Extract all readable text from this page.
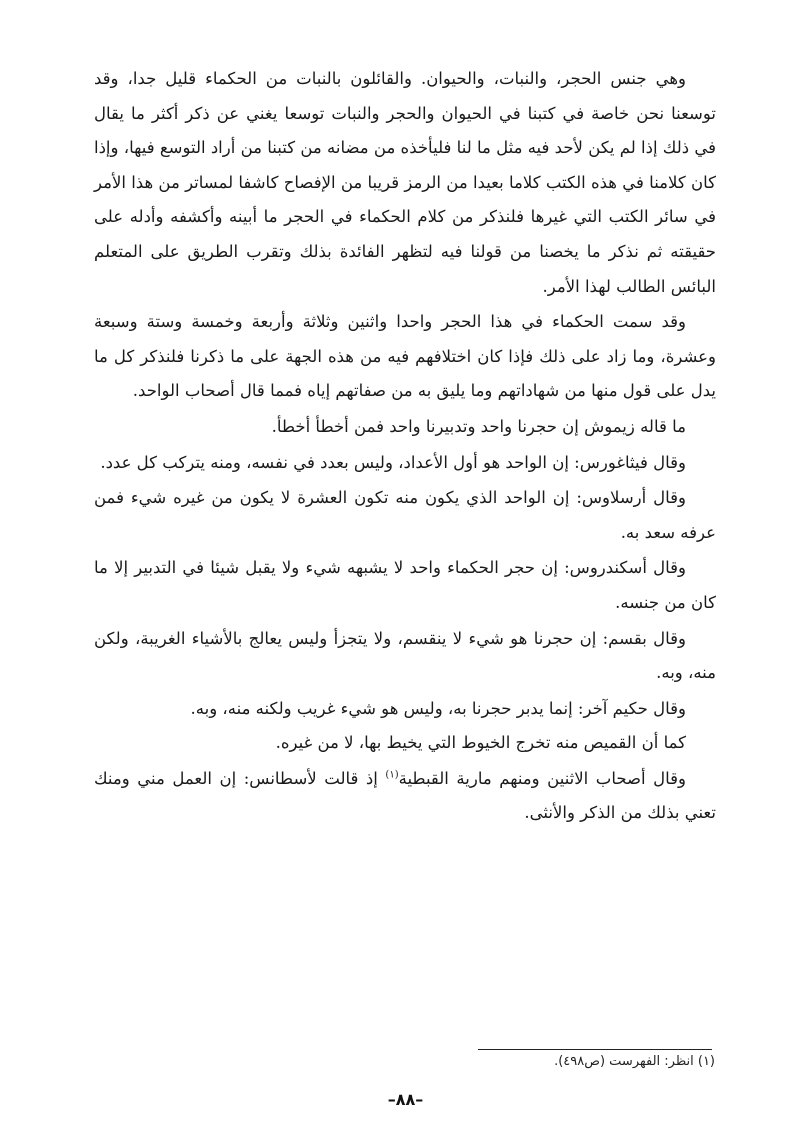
وهي جنس الحجر، والنبات، والحيوان. والقائلون بالنبات من الحكماء قليل جدا، وقد توسعنا نحن خاصة في كتبنا في الحيوان والحجر والنبات توسعا يغني عن ذكر أكثر ما يقال في ذلك إذا لم يكن لأحد فيه مثل ما لنا فليأخذه من مضانه من كتبنا من أراد التوسع فيها، وإذا كان كلامنا في هذه الكتب كلاما بعيدا من الرمز قريبا من الإفصاح كاشفا لمساتر من هذا الأمر في سائر الكتب التي غيرها فلنذكر من كلام الحكماء في الحجر ما أبينه وأكشفه وأدله على حقيقته ثم نذكر ما يخصنا من قولنا فيه لتظهر الفائدة بذلك وتقرب الطريق على المتعلم البائس الطالب لهذا الأمر.

وقد سمت الحكماء في هذا الحجر واحدا واثنين وثلاثة وأربعة وخمسة وستة وسبعة وعشرة، وما زاد على ذلك فإذا كان اختلافهم فيه من هذه الجهة على ما ذكرنا فلنذكر كل ما يدل على قول منها من شهاداتهم وما يليق به من صفاتهم إياه فمما قال أصحاب الواحد.

ما قاله زيموش إن حجرنا واحد وتدبيرنا واحد فمن أخطأ أخطأ.

وقال فيثاغورس: إن الواحد هو أول الأعداد، وليس بعدد في نفسه، ومنه يتركب كل عدد.

وقال أرسلاوس: إن الواحد الذي يكون منه تكون العشرة لا يكون من غيره شيء فمن عرفه سعد به.

وقال أسكندروس: إن حجر الحكماء واحد لا يشبهه شيء ولا يقبل شيئا في التدبير إلا ما كان من جنسه.

وقال بقسم: إن حجرنا هو شيء لا ينقسم، ولا يتجزأ وليس يعالج بالأشياء الغريبة، ولكن منه، وبه.

وقال حكيم آخر: إنما يدبر حجرنا به، وليس هو شيء غريب ولكنه منه، وبه.

كما أن القميص منه تخرج الخيوط التي يخيط بها، لا من غيره.

وقال أصحاب الاثنين ومنهم مارية القبطية$^{(١)}$ إذ قالت لأسطانس: إن العمل مني ومنك تعني بذلك من الذكر والأنثى.

(١) انظر: الفهرست (ص٤٩٨).
–٨٨–
